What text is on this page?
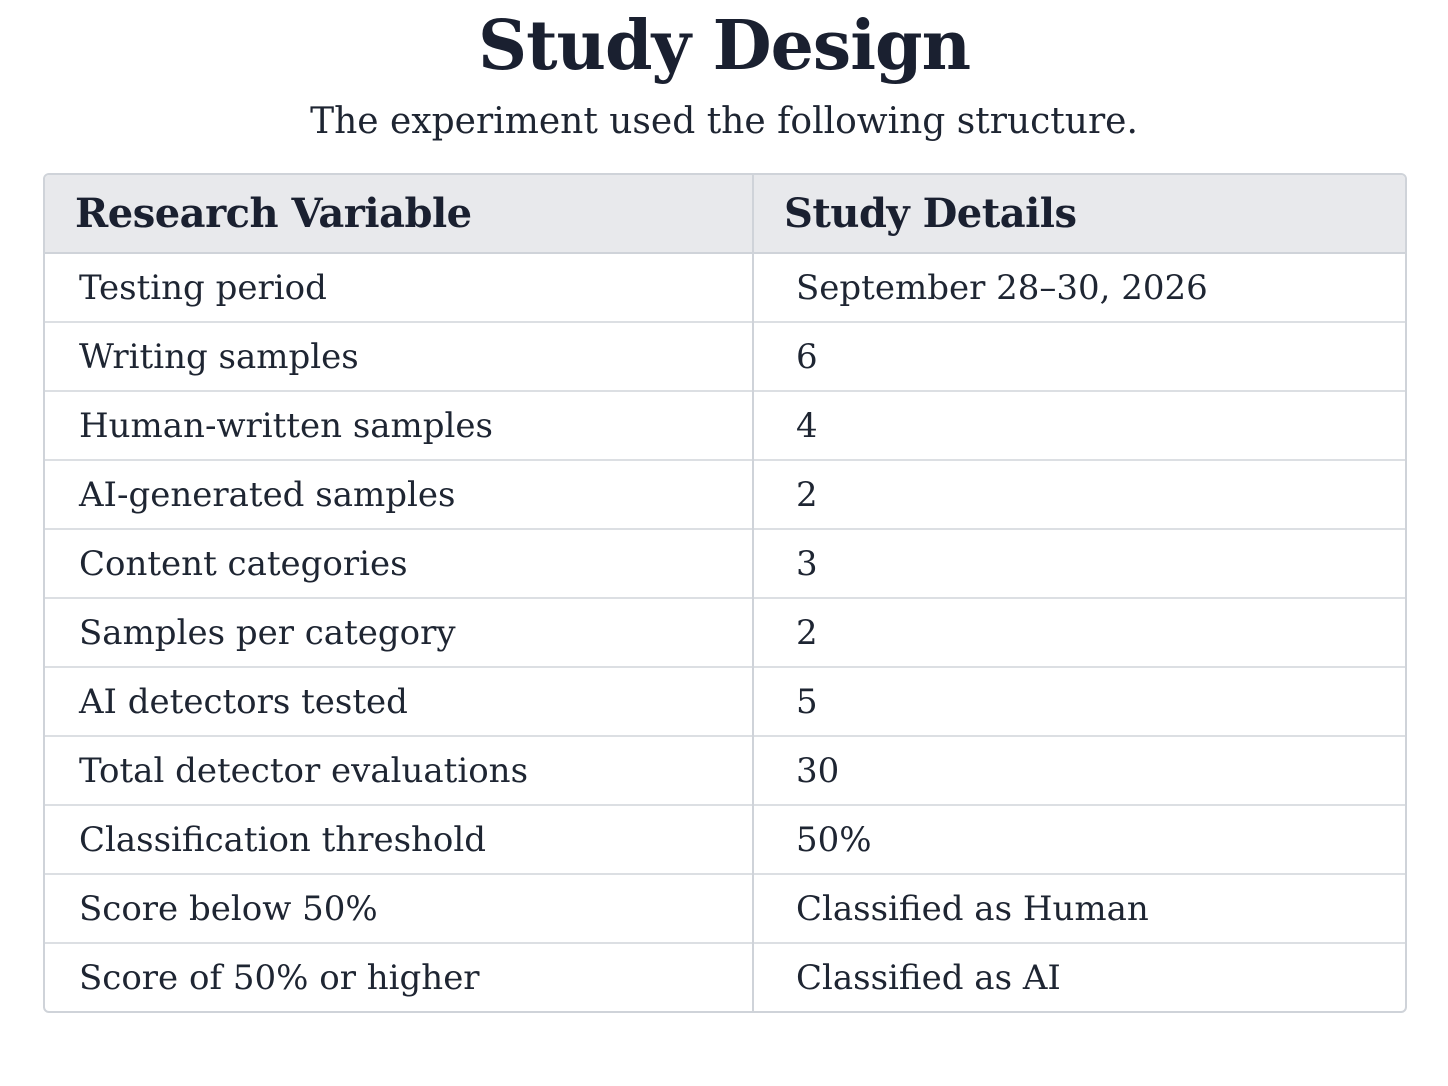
Study Design
The experiment used the following structure.
Research Variable	Study Details
Testing period	September 28–30, 2026
Writing samples	6
Human-written samples	4
AI-generated samples	2
Content categories	3
Samples per category	2
AI detectors tested	5
Total detector evaluations	30
Classification threshold	50%
Score below 50%	Classified as Human
Score of 50% or higher	Classified as AI
